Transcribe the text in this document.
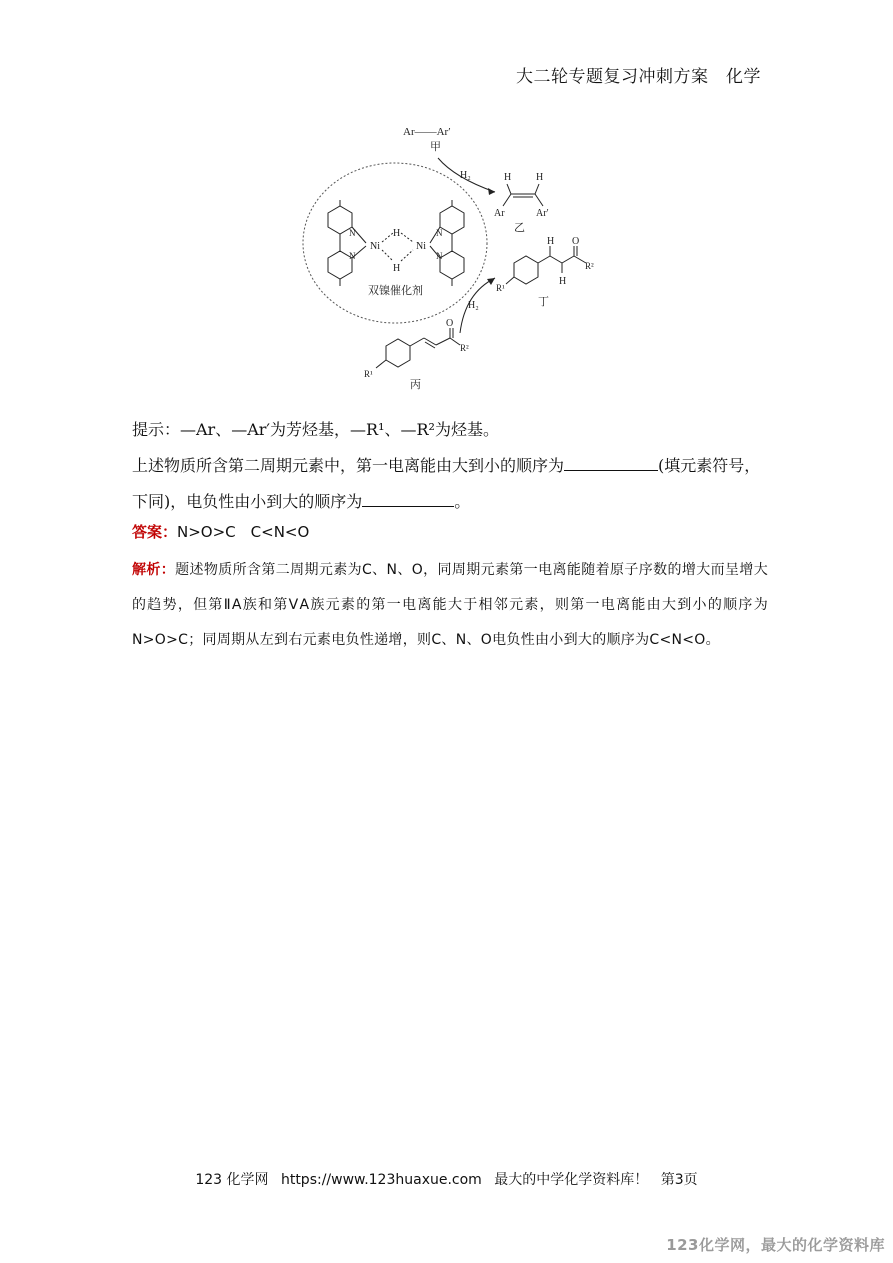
大二轮专题复习冲刺方案　化学
Ar——Ar′
甲
H₂	H H
Ar	Ar′
乙
N
N
Ni
H
H
Ni
N
N
双镍催化剂
H₂
H
H
O
R²
R¹
丁
O
R²
R¹
丙
提示：—Ar、—Ar′为芳烃基，—R¹、—R²为烃基。
上述物质所含第二周期元素中，第一电离能由大到小的顺序为	(填元素符号，下同)，电负性由小到大的顺序为	。
答案：N>O>C　C<N<O
解析：题述物质所含第二周期元素为C、N、O，同周期元素第一电离能随着原子序数的增大而呈增大的趋势，但第ⅡA族和第ⅤA族元素的第一电离能大于相邻元素，则第一电离能由大到小的顺序为N>O>C；同周期从左到右元素电负性递增，则C、N、O电负性由小到大的顺序为C<N<O。
123 化学网 https://www.123huaxue.com 最大的中学化学资料库！ 第3页
123化学网，最大的化学资料库
